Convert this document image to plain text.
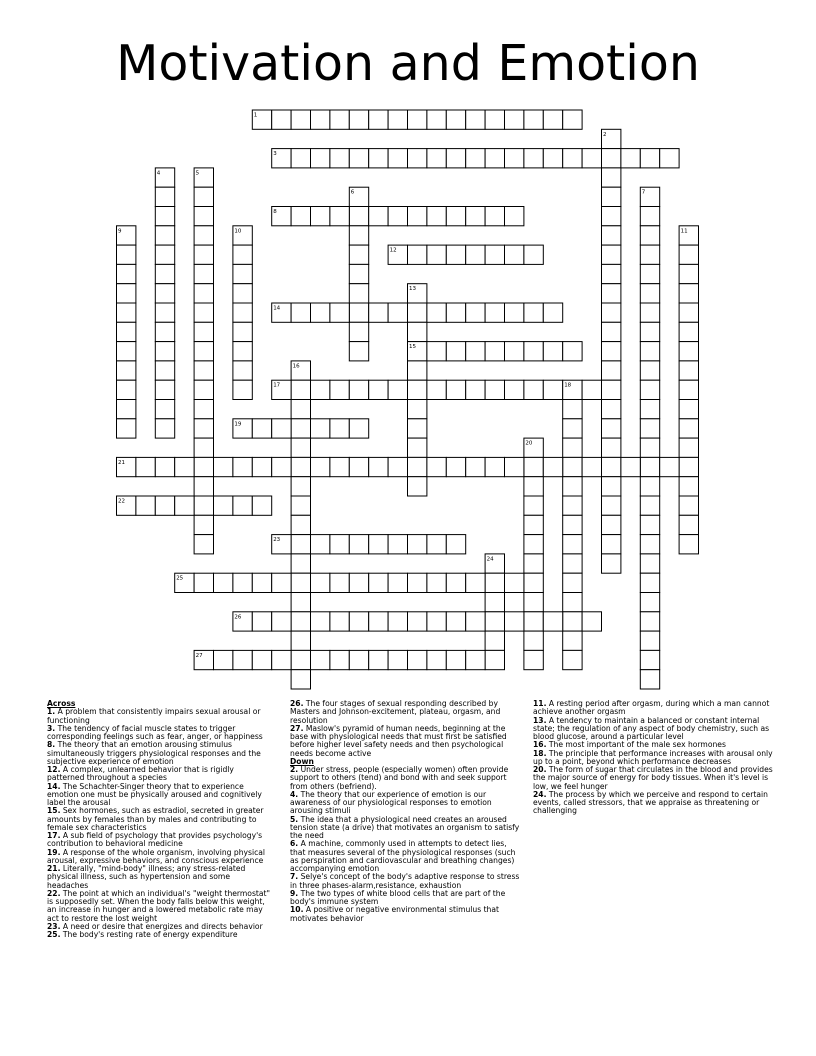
Motivation and Emotion
1
2
3
4	5
6	7
8
9	10	11
12
13
14
15
16
17	18
19
20
21
22
23
24
25
26
27

Across

1. A problem that consistently impairs sexual arousal or functioning

3. The tendency of facial muscle states to trigger corresponding feelings such as fear, anger, or happiness

8. The theory that an emotion arousing stimulus simultaneously triggers physiological responses and the subjective experience of emotion

12. A complex, unlearned behavior that is rigidly patterned throughout a species

14. The Schachter-Singer theory that to experience emotion one must be physically aroused and cognitively label the arousal

15. Sex hormones, such as estradiol, secreted in greater amounts by females than by males and contributing to female sex characteristics

17. A sub field of psychology that provides psychology's contribution to behavioral medicine

19. A response of the whole organism, involving physical arousal, expressive behaviors, and conscious experience

21. Literally, "mind-body" illness; any stress-related physical illness, such as hypertension and some headaches

22. The point at which an individual's "weight thermostat" is supposedly set. When the body falls below this weight, an increase in hunger and a lowered metabolic rate may act to restore the lost weight

23. A need or desire that energizes and directs behavior

25. The body's resting rate of energy expenditure

26. The four stages of sexual responding described by Masters and Johnson-excitement, plateau, orgasm, and resolution

27. Maslow's pyramid of human needs, beginning at the base with physiological needs that must first be satisfied before higher level safety needs and then psychological needs become active

Down

2. Under stress, people (especially women) often provide support to others (tend) and bond with and seek support from others (befriend).

4. The theory that our experience of emotion is our awareness of our physiological responses to emotion arousing stimuli

5. The idea that a physiological need creates an aroused tension state (a drive) that motivates an organism to satisfy the need

6. A machine, commonly used in attempts to detect lies, that measures several of the physiological responses (such as perspiration and cardiovascular and breathing changes) accompanying emotion

7. Selye's concept of the body's adaptive response to stress in three phases-alarm,resistance, exhaustion

9. The two types of white blood cells that are part of the body's immune system

10. A positive or negative environmental stimulus that motivates behavior

11. A resting period after orgasm, during which a man cannot achieve another orgasm

13. A tendency to maintain a balanced or constant internal state; the regulation of any aspect of body chemistry, such as blood glucose, around a particular level

16. The most important of the male sex hormones

18. The principle that performance increases with arousal only up to a point, beyond which performance decreases

20. The form of sugar that circulates in the blood and provides the major source of energy for body tissues. When it's level is low, we feel hunger

24. The process by which we perceive and respond to certain events, called stressors, that we appraise as threatening or challenging
